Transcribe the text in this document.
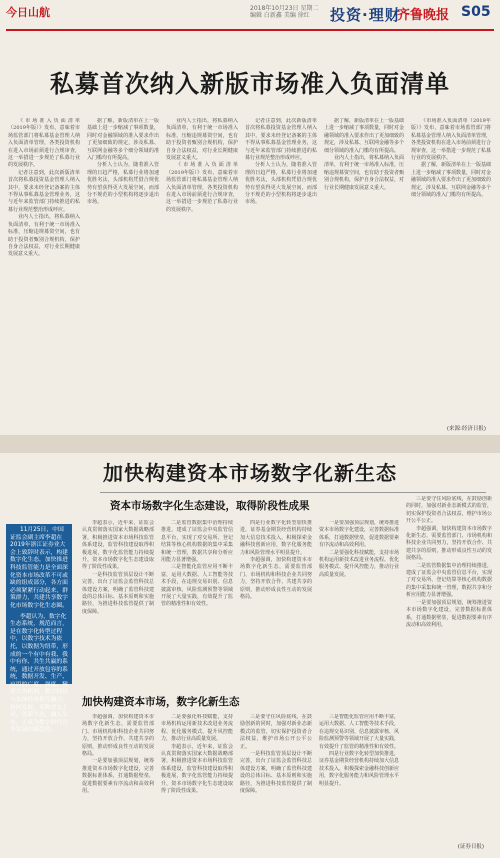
今日山航	投资·理财
齐鲁晚报 S05
2018年10月23日 星期二
编辑 白新鑫 美编 徐红
私募首次纳入新版市场准入负面清单

《市场准入负面清单（2019年版）》发布，意味着市场监管部门将私募基金管理人纳入负面清单管理，各类投资机构在进入市场前须进行合规审查，这一举措进一步规范了私募行业的发展秩序。

记者注意到，此次新版清单首次将私募投资基金管理人纳入其中，要求未经登记备案的主体不得从事私募基金管理业务，这与近年来监管部门持续推进的私募行业规范整治形成呼应。

业内人士指出，将私募纳入负面清单，有利于统一市场准入标准，压缩违规募资空间，也有助于投资者甄别合规机构，保护自身合法权益，对行业长期健康发展意义重大。

据了解，新版清单在上一版基础上进一步缩减了事项数量，同时对金融领域的准入要求作出了更加细致的规定，涉及私募、互联网金融等多个细分领域的准入门槛均有所提高。

分析人士认为，随着准入管理的日趋严格，私募行业将加速优胜劣汰，头部机构凭借合规优势有望获得更大发展空间，而部分不规范的小型机构将逐步退出市场。

业内人士指出，将私募纳入负面清单，有利于统一市场准入标准，压缩违规募资空间，也有助于投资者甄别合规机构，保护自身合法权益，对行业长期健康发展意义重大。

《市场准入负面清单（2019年版）》发布，意味着市场监管部门将私募基金管理人纳入负面清单管理，各类投资机构在进入市场前须进行合规审查，这一举措进一步规范了私募行业的发展秩序。

记者注意到，此次新版清单首次将私募投资基金管理人纳入其中，要求未经登记备案的主体不得从事私募基金管理业务，这与近年来监管部门持续推进的私募行业规范整治形成呼应。

分析人士认为，随着准入管理的日趋严格，私募行业将加速优胜劣汰，头部机构凭借合规优势有望获得更大发展空间，而部分不规范的小型机构将逐步退出市场。

据了解，新版清单在上一版基础上进一步缩减了事项数量，同时对金融领域的准入要求作出了更加细致的规定，涉及私募、互联网金融等多个细分领域的准入门槛均有所提高。

业内人士指出，将私募纳入负面清单，有利于统一市场准入标准，压缩违规募资空间，也有助于投资者甄别合规机构，保护自身合法权益，对行业长期健康发展意义重大。

《市场准入负面清单（2019年版）》发布，意味着市场监管部门将私募基金管理人纳入负面清单管理，各类投资机构在进入市场前须进行合规审查，这一举措进一步规范了私募行业的发展秩序。

据了解，新版清单在上一版基础上进一步缩减了事项数量，同时对金融领域的准入要求作出了更加细致的规定，涉及私募、互联网金融等多个细分领域的准入门槛均有所提高。

(来源:经济日报)
加快构建资本市场数字化新生态
资本市场数字化生态建设，取得阶段性成果

11月25日，中国证监会副主席李超在2019年浙江证券业大会上致辞时表示，构建数字化生态，加快推进科技监管能力是全面深化资本市场改革不可或缺的组成部分，各方面必须紧紧行动起来，群策群力，共建共享数字化市场数字化生态圈。

李超认为，数字化生态系统，规范而言，是在数字化转型过程中，以数字技术为依托，以数据为纽带，形成的一个有中有我、我中有你、共生共赢的系统，通过开放包容的系统，数据开发、生产、应用的广度、深度、精度大为拓展，数字经济与实体经济相互融合，协同发展，某种意义上讲，创新生态，融入生态，正成为数字时代竞争发展的新趋势。

李超表示，近年来，证监会认真贯彻落实国家大数据战略部署，积极推进资本市场科技监管体系建设，监管科技建设取得积极进展，数字化监管能力持续提升，资本市场数字化生态建设取得了阶段性成果。

一是科技监管顶层设计不断完善，出台了证监会监管科技总体建设方案，明确了监管科技建设的总体目标、基本原则和实施路径，为推进科技监管提供了制度保障。

二是监管数据集中治理持续推进，建成了证监会中央监管信息平台，实现了对交易所、登记结算等核心机构数据的集中采集和统一管理，数据共享和分析应用能力显著增强。

三是智能化监管应用不断丰富，运用大数据、人工智能等技术手段，在违规交易识别、信息披露审核、风险监测预警等领域开展了大量实践，有效提升了监管的精准性和有效性。

四是行业数字化转型加快推进，证券基金期货经营机构持续加大信息技术投入，积极探索金融科技创新应用，数字化服务能力和风险管理水平明显提升。

李超强调，加快构建资本市场数字化新生态，需要监管部门、市场机构和科技企业共同努力，坚持开放合作、共建共享的原则，推动形成良性互动的发展格局。

一是要加强顶层规划，统筹推进资本市场数字化建设，完善数据标准体系，打通数据壁垒，促进数据要素有序流动和高效利用。

二是要强化科技赋能，支持市场机构运用新技术改进业务流程、优化服务模式、提升风控能力，推动行业高质量发展。

三是要守住风险底线，在鼓励创新的同时，加强对新业态新模式的监管，切实保护投资者合法权益，维护市场公开公平公正。

李超强调，加快构建资本市场数字化新生态，需要监管部门、市场机构和科技企业共同努力，坚持开放合作、共建共享的原则，推动形成良性互动的发展格局。

二是监管数据集中治理持续推进，建成了证监会中央监管信息平台，实现了对交易所、登记结算等核心机构数据的集中采集和统一管理，数据共享和分析应用能力显著增强。

一是要加强顶层规划，统筹推进资本市场数字化建设，完善数据标准体系，打通数据壁垒，促进数据要素有序流动和高效利用。

加快构建资本市场，数字化新生态

李超强调，加快构建资本市场数字化新生态，需要监管部门、市场机构和科技企业共同努力，坚持开放合作、共建共享的原则，推动形成良性互动的发展格局。

一是要加强顶层规划，统筹推进资本市场数字化建设，完善数据标准体系，打通数据壁垒，促进数据要素有序流动和高效利用。

二是要强化科技赋能，支持市场机构运用新技术改进业务流程、优化服务模式、提升风控能力，推动行业高质量发展。

李超表示，近年来，证监会认真贯彻落实国家大数据战略部署，积极推进资本市场科技监管体系建设，监管科技建设取得积极进展，数字化监管能力持续提升，资本市场数字化生态建设取得了阶段性成果。

三是要守住风险底线，在鼓励创新的同时，加强对新业态新模式的监管，切实保护投资者合法权益，维护市场公开公平公正。

一是科技监管顶层设计不断完善，出台了证监会监管科技总体建设方案，明确了监管科技建设的总体目标、基本原则和实施路径，为推进科技监管提供了制度保障。

三是智能化监管应用不断丰富，运用大数据、人工智能等技术手段，在违规交易识别、信息披露审核、风险监测预警等领域开展了大量实践，有效提升了监管的精准性和有效性。

四是行业数字化转型加快推进，证券基金期货经营机构持续加大信息技术投入，积极探索金融科技创新应用，数字化服务能力和风险管理水平明显提升。

(证券日报)
